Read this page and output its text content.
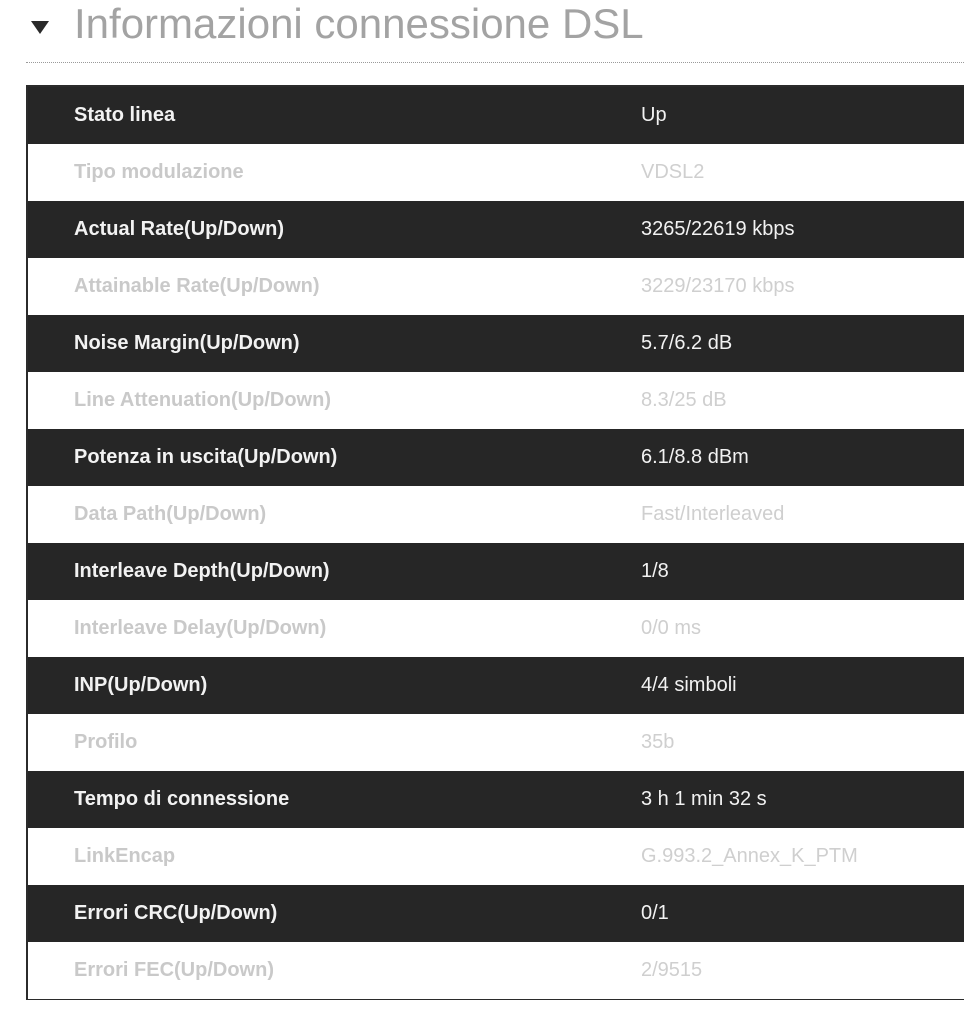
Informazioni connessione DSL
Stato linea	Up
Tipo modulazione	VDSL2
Actual Rate(Up/Down)	3265/22619 kbps
Attainable Rate(Up/Down)	3229/23170 kbps
Noise Margin(Up/Down)	5.7/6.2 dB
Line Attenuation(Up/Down)	8.3/25 dB
Potenza in uscita(Up/Down)	6.1/8.8 dBm
Data Path(Up/Down)	Fast/Interleaved
Interleave Depth(Up/Down)	1/8
Interleave Delay(Up/Down)	0/0 ms
INP(Up/Down)	4/4 simboli
Profilo	35b
Tempo di connessione	3 h 1 min 32 s
LinkEncap	G.993.2_Annex_K_PTM
Errori CRC(Up/Down)	0/1
Errori FEC(Up/Down)	2/9515
